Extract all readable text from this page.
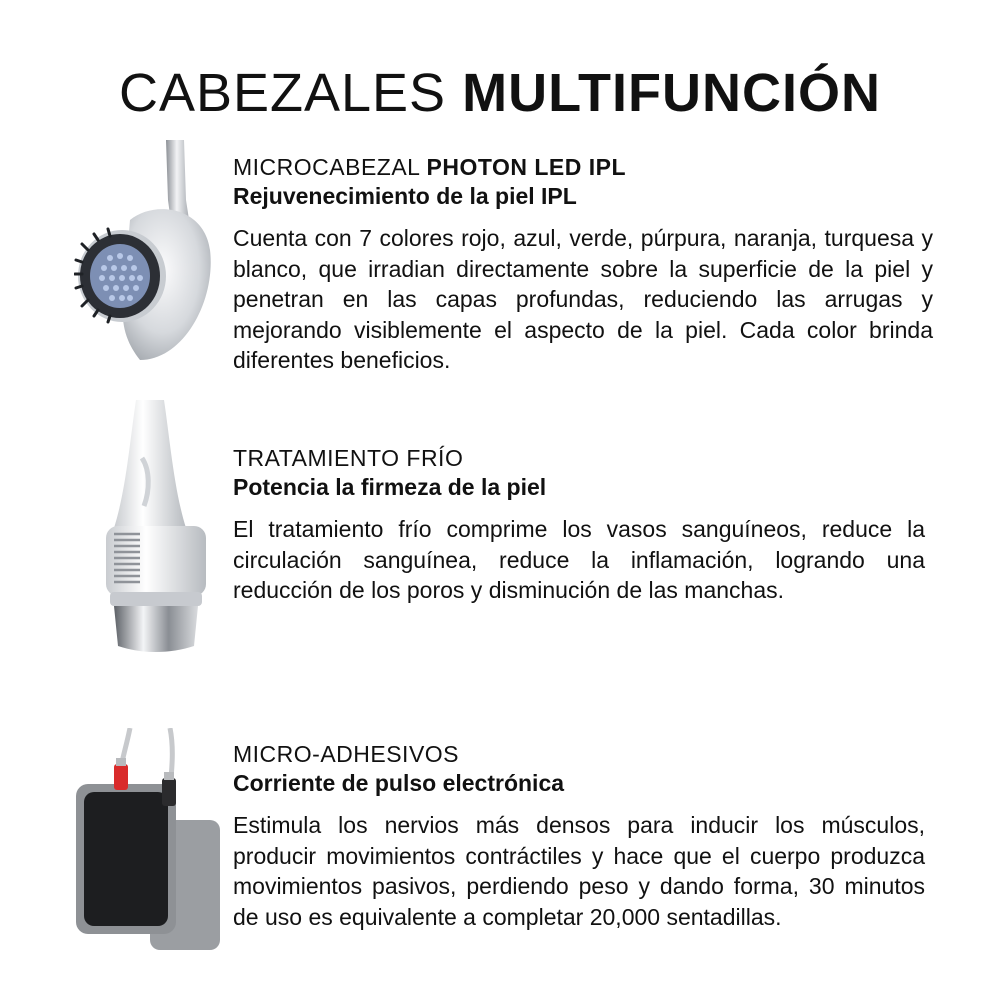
CABEZALES MULTIFUNCIÓN
MICROCABEZAL PHOTON LED IPL
Rejuvenecimiento de la piel IPL
Cuenta con 7 colores rojo, azul, verde, púrpura, naranja, turquesa y blanco, que irradian directamente sobre la superficie de la piel y penetran en las capas profundas, reduciendo las arrugas y mejorando visiblemente el aspecto de la piel. Cada color brinda diferentes beneficios.
TRATAMIENTO FRÍO
Potencia la firmeza de la piel
El tratamiento frío comprime los vasos sanguíneos, reduce la circulación sanguínea, reduce la inflamación, logrando una reducción de los poros y disminución de las manchas.
MICRO-ADHESIVOS
Corriente de pulso electrónica
Estimula los nervios más densos para inducir los músculos, producir movimientos contráctiles y hace que el cuerpo produzca movimientos pasivos, perdiendo peso y dando forma, 30 minutos de uso es equivalente a completar 20,000 sentadillas.
